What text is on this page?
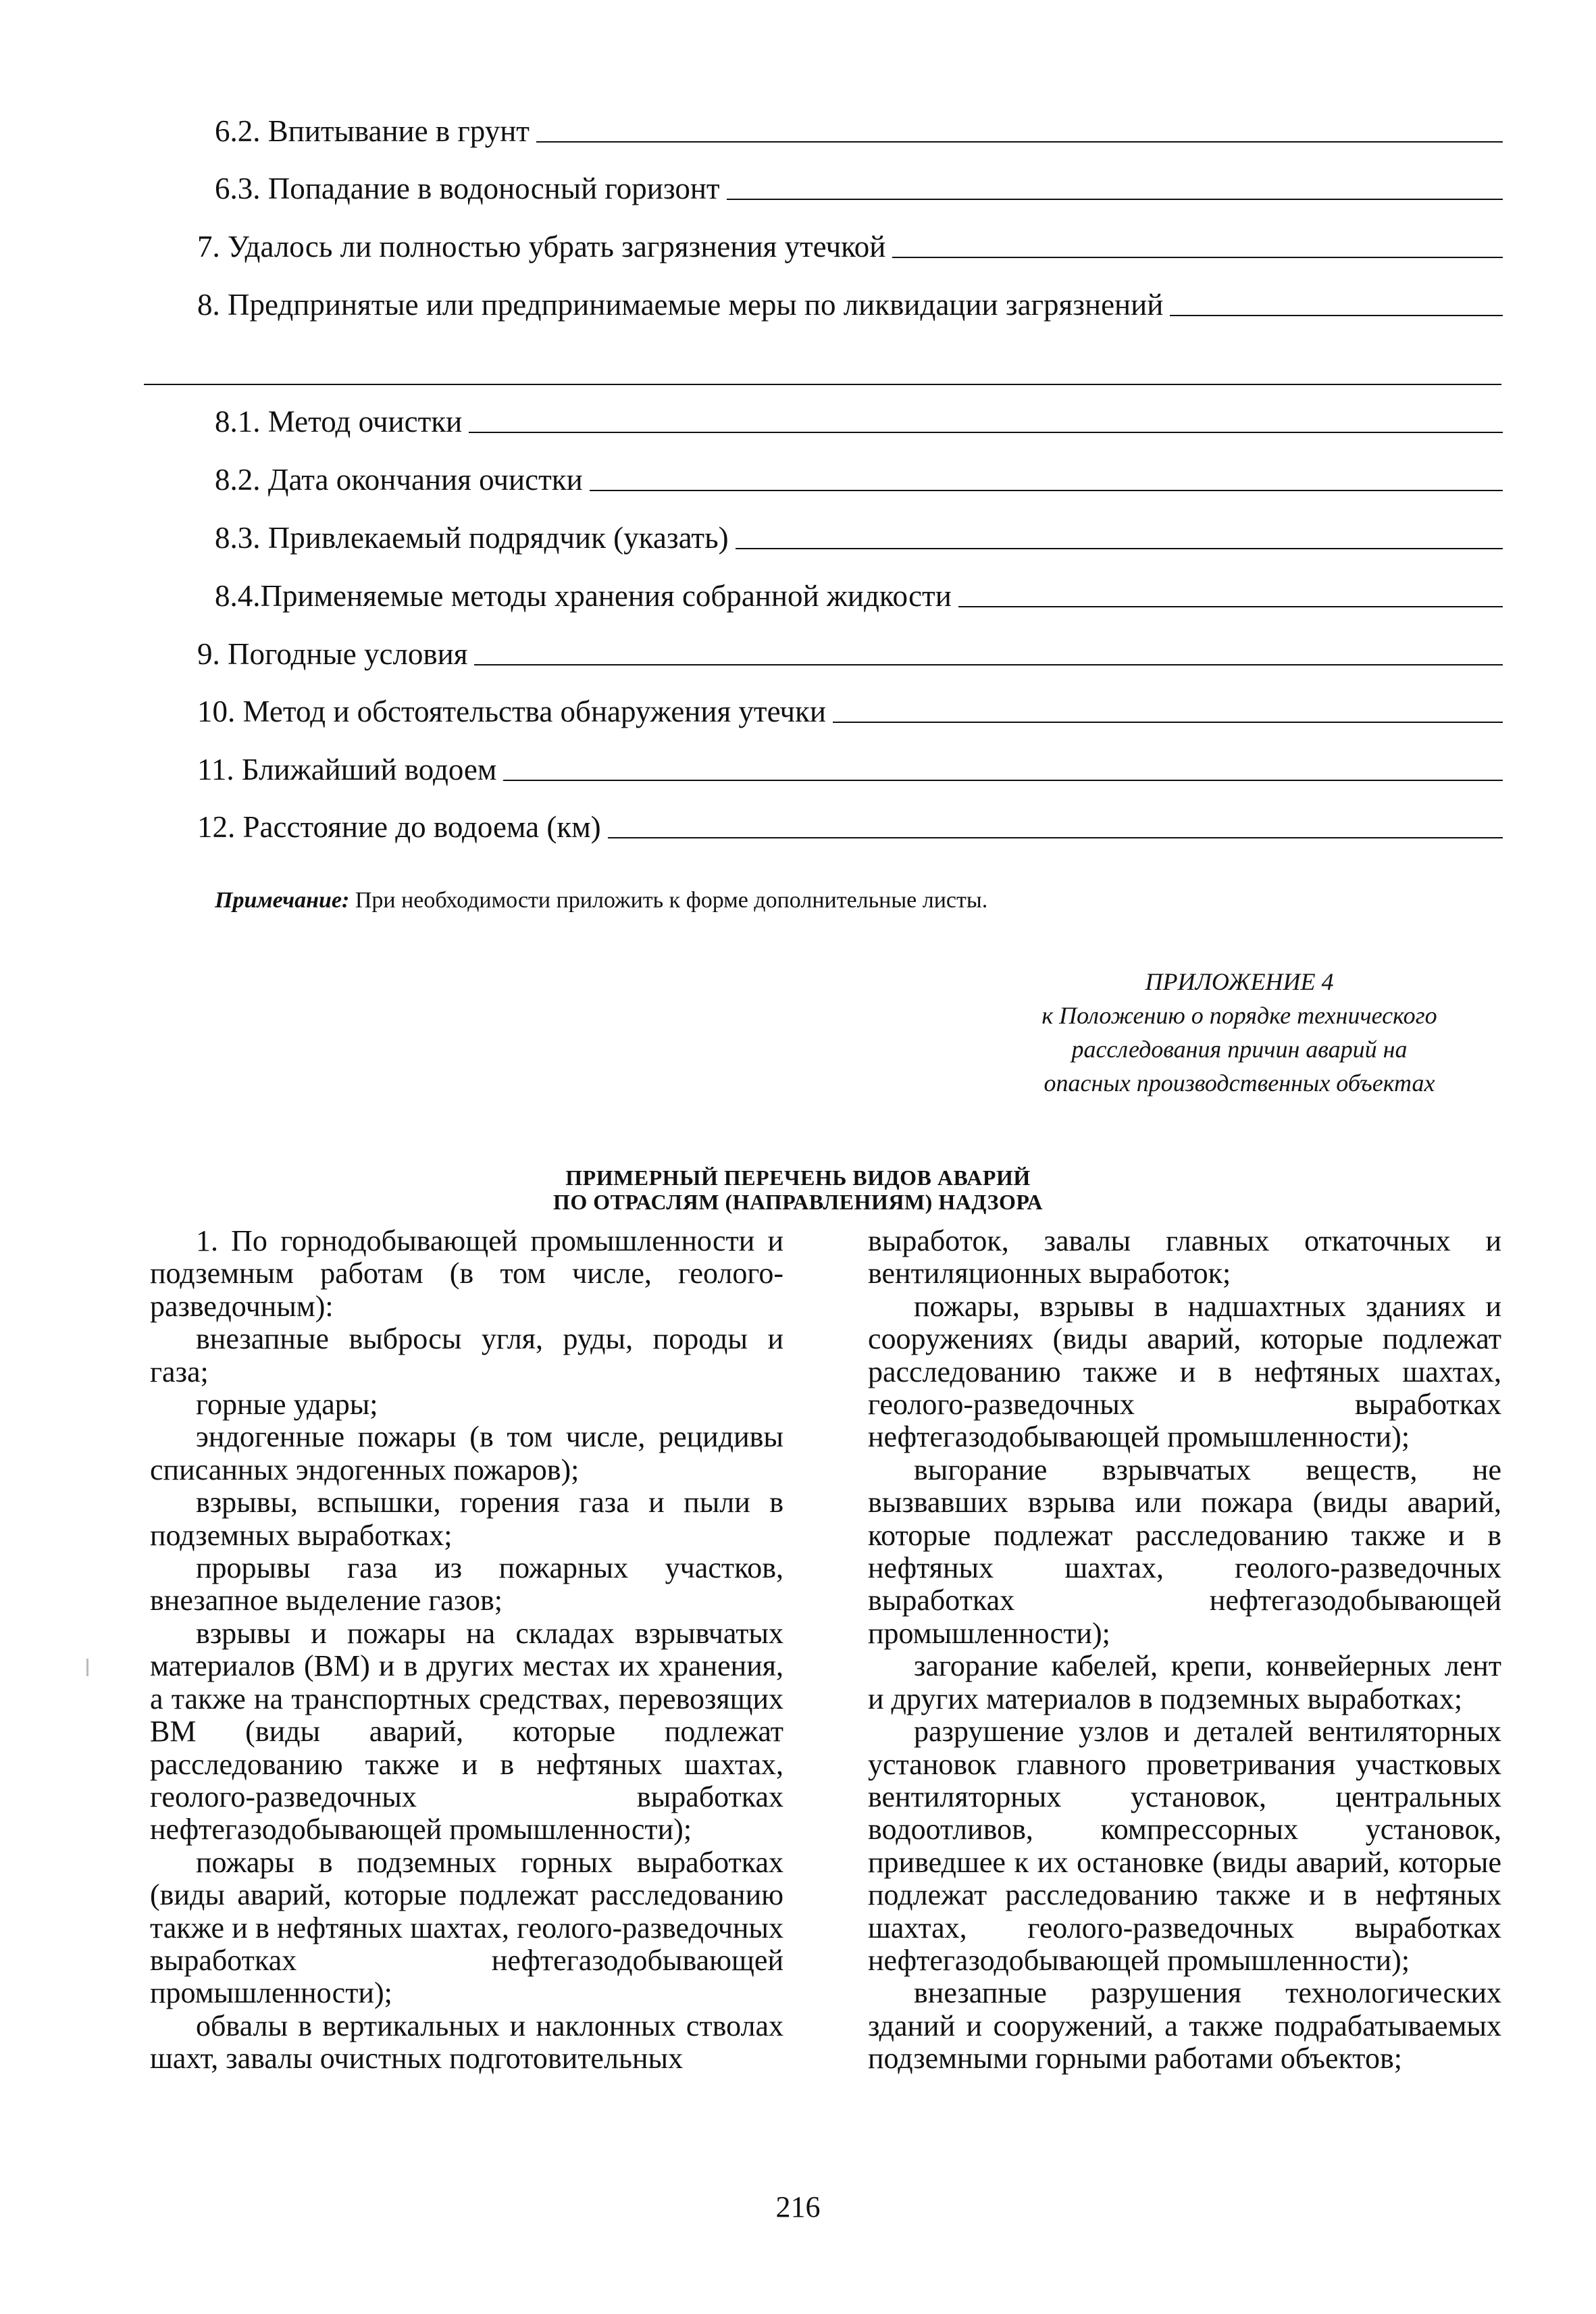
6.2. Впитывание в грунт
6.3. Попадание в водоносный горизонт
7. Удалось ли полностью убрать загрязнения утечкой
8. Предпринятые или предпринимаемые меры по ликвидации загрязнений
8.1. Метод очистки
8.2. Дата окончания очистки
8.3. Привлекаемый подрядчик (указать)
8.4.Применяемые методы хранения собранной жидкости
9. Погодные условия
10. Метод и обстоятельства обнаружения утечки
11. Ближайший водоем
12. Расстояние до водоема (км)
Примечание: При необходимости приложить к форме дополнительные листы.
ПРИЛОЖЕНИЕ 4
к Положению о порядке технического
расследования причин аварий на
опасных производственных объектах
ПРИМЕРНЫЙ ПЕРЕЧЕНЬ ВИДОВ АВАРИЙ
ПО ОТРАСЛЯМ (НАПРАВЛЕНИЯМ) НАДЗОРА

1. По горнодобывающей промышленности и подземным работам (в том числе, геолого-разведочным):

внезапные выбросы угля, руды, породы и газа;

горные удары;

эндогенные пожары (в том числе, рецидивы списанных эндогенных пожаров);

взрывы, вспышки, горения газа и пыли в подземных выработках;

прорывы газа из пожарных участков, внезапное выделение газов;

взрывы и пожары на складах взрывчатых материалов (ВМ) и в других местах их хранения, а также на транспортных средствах, перевозящих ВМ (виды аварий, которые подлежат расследованию также и в нефтяных шахтах, геолого-разведочных выработках нефтегазодобывающей промышленности);

пожары в подземных горных выработках (виды аварий, которые подлежат расследованию также и в нефтяных шахтах, геолого-разведочных выработках нефтегазодобывающей промышленности);

обвалы в вертикальных и наклонных стволах шахт, завалы очистных подготовительных

выработок, завалы главных откаточных и вентиляционных выработок;

пожары, взрывы в надшахтных зданиях и сооружениях (виды аварий, которые подлежат расследованию также и в нефтяных шахтах, геолого-разведочных выработках нефтегазодобывающей промышленности);

выгорание взрывчатых веществ, не вызвавших взрыва или пожара (виды аварий, которые подлежат расследованию также и в нефтяных шахтах, геолого-разведочных выработках нефтегазодобывающей промышленности);

загорание кабелей, крепи, конвейерных лент и других материалов в подземных выработках;

разрушение узлов и деталей вентиляторных установок главного проветривания участковых вентиляторных установок, центральных водоотливов, компрессорных установок, приведшее к их остановке (виды аварий, которые подлежат расследованию также и в нефтяных шахтах, геолого-разведочных выработках нефтегазодобывающей промышленности);

внезапные разрушения технологических зданий и сооружений, а также подрабатываемых подземными горными работами объектов;

216
